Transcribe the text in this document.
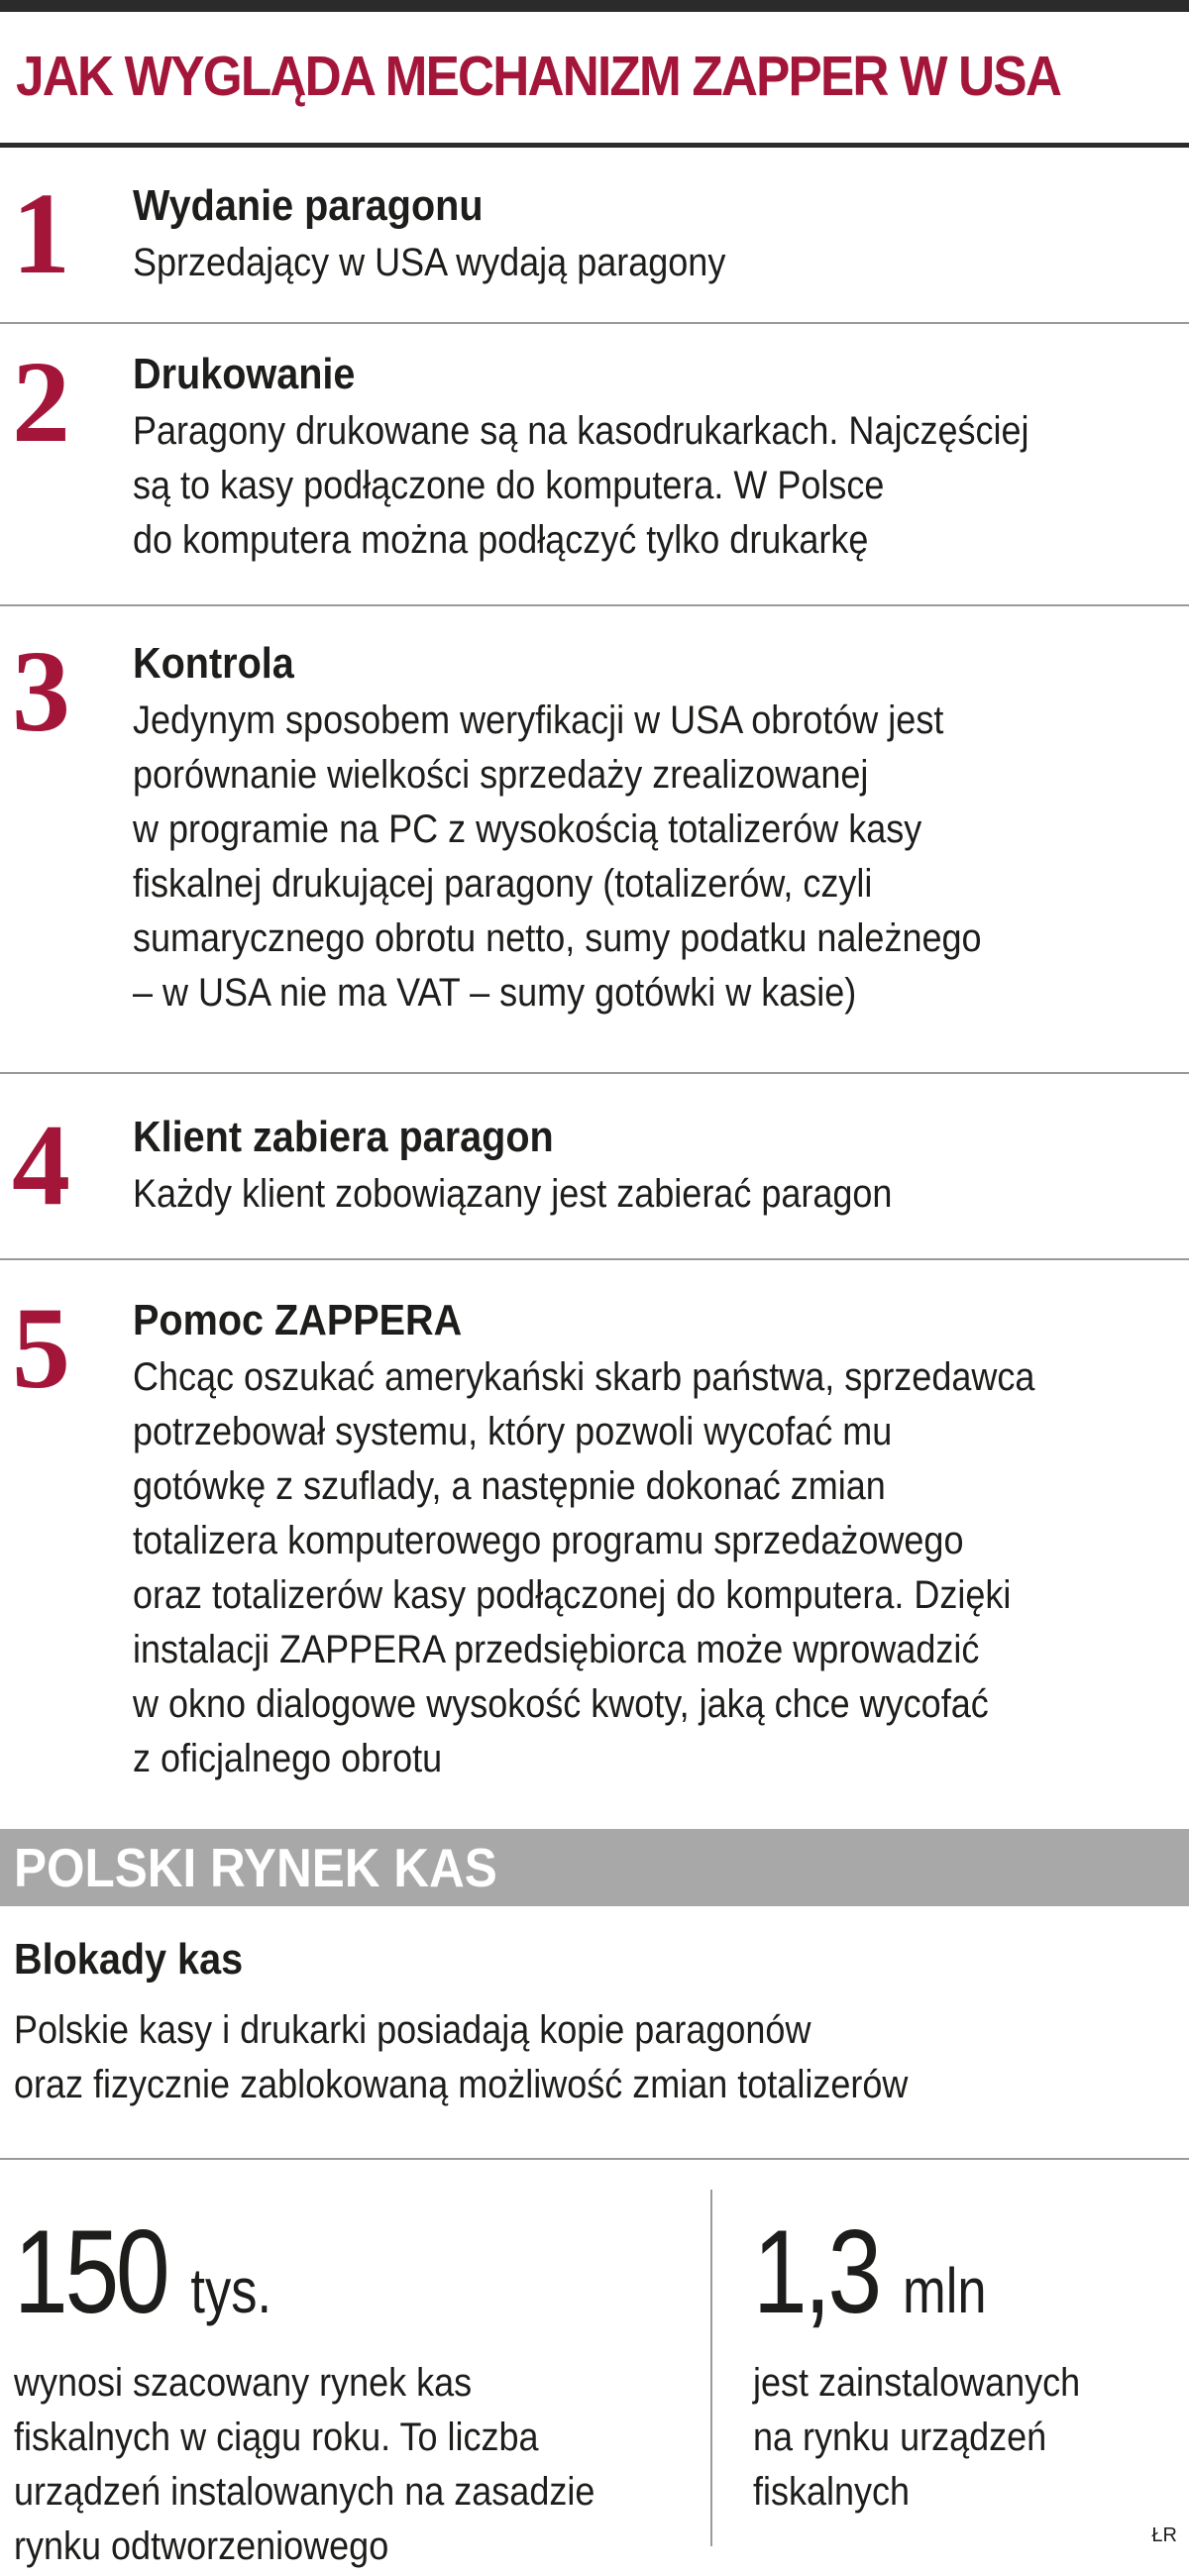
JAK WYGLĄDA MECHANIZM ZAPPER W USA
1 Wydanie paragonu
Sprzedający w USA wydają paragony
2 Drukowanie
Paragony drukowane są na kasodrukarkach. Najczęściej
są to kasy podłączone do komputera. W Polsce
do komputera można podłączyć tylko drukarkę
3 Kontrola
Jedynym sposobem weryfikacji w USA obrotów jest
porównanie wielkości sprzedaży zrealizowanej
w programie na PC z wysokością totalizerów kasy
fiskalnej drukującej paragony (totalizerów, czyli
sumarycznego obrotu netto, sumy podatku należnego
– w USA nie ma VAT – sumy gotówki w kasie)
4 Klient zabiera paragon
Każdy klient zobowiązany jest zabierać paragon
5 Pomoc ZAPPERA
Chcąc oszukać amerykański skarb państwa, sprzedawca
potrzebował systemu, który pozwoli wycofać mu
gotówkę z szuflady, a następnie dokonać zmian
totalizera komputerowego programu sprzedażowego
oraz totalizerów kasy podłączonej do komputera. Dzięki
instalacji ZAPPERA przedsiębiorca może wprowadzić
w okno dialogowe wysokość kwoty, jaką chce wycofać
z oficjalnego obrotu
POLSKI RYNEK KAS
Blokady kas
Polskie kasy i drukarki posiadają kopie paragonów
oraz fizycznie zablokowaną możliwość zmian totalizerów
150 tys.
wynosi szacowany rynek kas
fiskalnych w ciągu roku. To liczba
urządzeń instalowanych na zasadzie
rynku odtworzeniowego
1,3 mln
jest zainstalowanych
na rynku urządzeń
fiskalnych
ŁR
